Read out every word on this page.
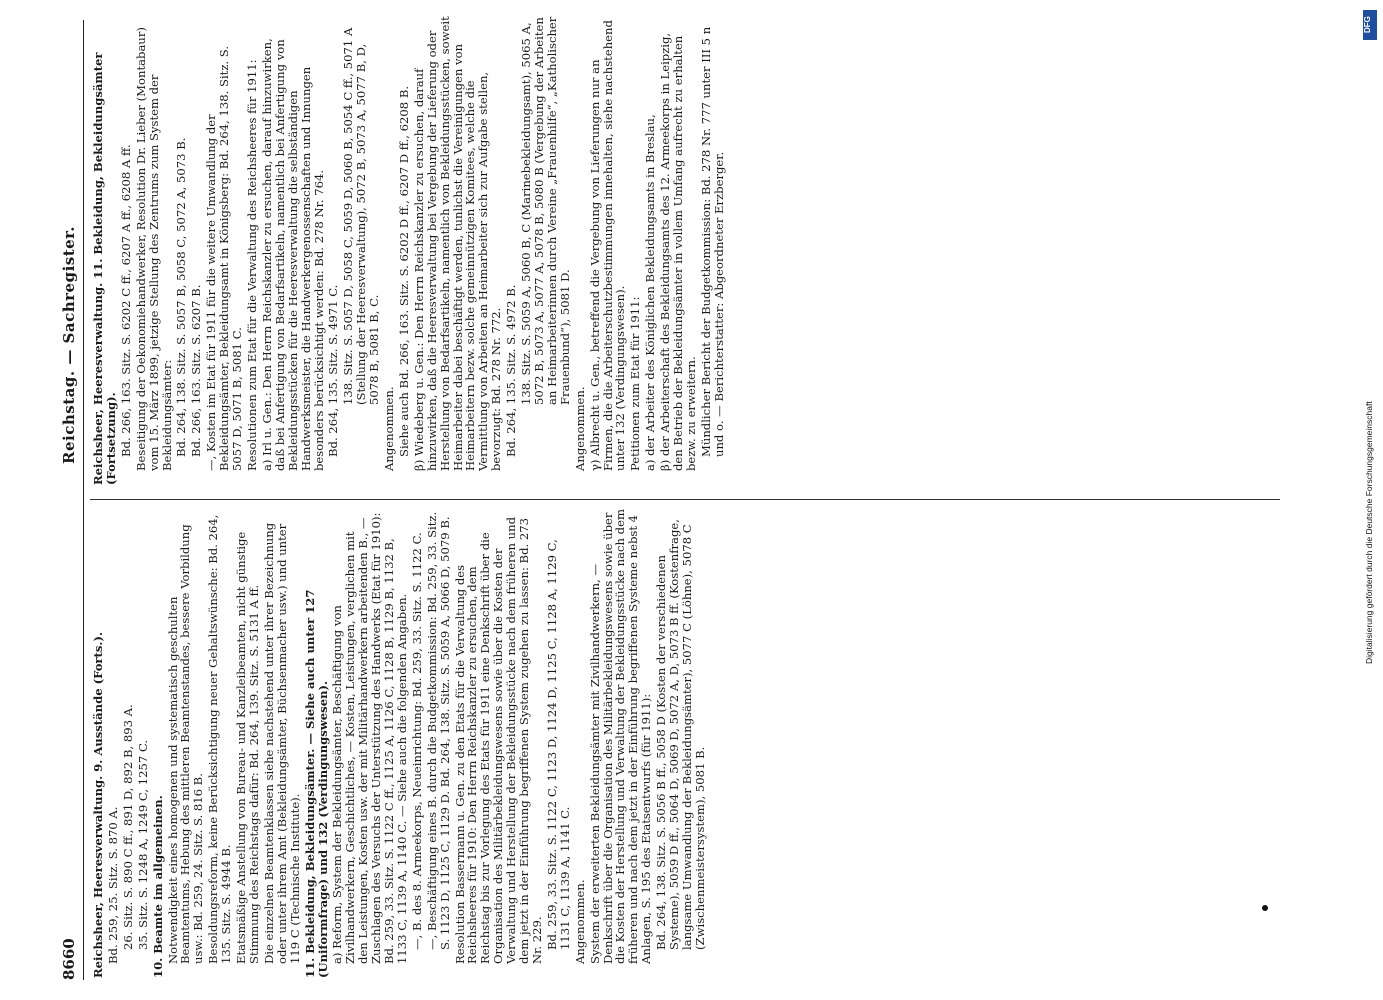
8660
Reichstag. — Sachregister.

Reichsheer, Heeresverwaltung. 9. Ausstände (Forts.). Bd. 259, 25. Sitz. S. 870 A. 26. Sitz. S. 890 C ff., 891 D, 892 B, 893 A. 35. Sitz. S. 1248 A, 1249 C, 1257 C. 10. Beamte im allgemeinen. Notwendigkeit eines homogenen und systematisch geschulten Beamtentums, Hebung des mittleren Beamtenstandes, bessere Vorbildung usw.: Bd. 259, 24. Sitz. S. 816 B. Besoldungsreform, keine Berücksichtigung neuer Gehaltswünsche: Bd. 264, 135. Sitz. S. 4944 B. Etatsmäßige Anstellung von Bureau- und Kanzleibeamten, nicht günstige Stimmung des Reichstags dafür: Bd. 264, 139. Sitz. S. 5131 A ff. Die einzelnen Beamtenklassen siehe nachstehend unter ihrer Bezeichnung oder unter ihrem Amt (Bekleidungsämter, Büchsenmacher usw.) und unter 119 C (Technische Institute). 11. Bekleidung, Bekleidungsämter. — Siehe auch unter 127 (Uniformfrage) und 132 (Verdingungswesen). a) Reform, System der Bekleidungsämter, Beschäftigung von Zivilhandwerkern, Geschichtliches, — Kosten, Leistungen, verglichen mit den Leistungen, Kosten usw. der mit Militärhandwerkern arbeitenden B., — Zuschlagen des Versuchs der Unterstützung des Handwerks (Etat für 1910): Bd. 259, 33. Sitz. S. 1122 C ff., 1125 A, 1126 C, 1128 B, 1129 B, 1132 B, 1133 C, 1139 A, 1140 C. — Siehe auch die folgenden Angaben. —, B. des 8. Armeekorps, Neueinrichtung: Bd. 259, 33. Sitz. S. 1122 C. —, Beschäftigung eines B. durch die Budgetkommission: Bd. 259, 33. Sitz. S. 1123 D, 1125 C, 1129 D. Bd. 264, 138. Sitz. S. 5059 A, 5066 D, 5079 B. Resolution Bassermann u. Gen. zu den Etats für die Verwaltung des Reichsheeres für 1910: Den Herrn Reichskanzler zu ersuchen, dem Reichstag bis zur Vorlegung des Etats für 1911 eine Denkschrift über die Organisation des Militärbekleidungswesens sowie über die Kosten der Verwaltung und Herstellung der Bekleidungsstücke nach dem früheren und dem jetzt in der Einführung begriffenen System zugehen zu lassen: Bd. 273 Nr. 229. Bd. 259, 33. Sitz. S. 1122 C, 1123 D, 1124 D, 1125 C, 1128 A, 1129 C, 1131 C, 1139 A, 1141 C. Angenommen. System der erweiterten Bekleidungsämter mit Zivilhandwerkern, — Denkschrift über die Organisation des Militärbekleidungswesens sowie über die Kosten der Herstellung und Verwaltung der Bekleidungsstücke nach dem früheren und nach dem jetzt in der Einführung begriffenen Systeme nebst 4 Anlagen, S. 195 des Etatsentwurfs (für 1911): Bd. 264, 138. Sitz. S. 5056 B ff., 5058 D (Kosten der verschiedenen Systeme), 5059 D ff., 5064 D, 5069 D, 5072 A, D, 5073 B ff. (Kostenfrage, langsame Umwandlung der Bekleidungsämter), 5077 C (Löhne), 5078 C (Zwischenmeistersystem), 5081 B.

Reichsheer, Heeresverwaltung. 11. Bekleidung, Bekleidungsämter (Fortsetzung). Bd. 266, 163. Sitz. S. 6202 C ff., 6207 A ff., 6208 A ff. Beseitigung der Oekonomiehandwerker, Resolution Dr. Lieber (Montabaur) vom 15. März 1899, jetzige Stellung des Zentrums zum System der Bekleidungsämter: Bd. 264, 138. Sitz. S. 5057 B, 5058 C, 5072 A, 5073 B. Bd. 266, 163. Sitz. S. 6207 B. —, Kosten im Etat für 1911 für die weitere Umwandlung der Bekleidungsämter, Bekleidungsamt in Königsberg: Bd. 264, 138. Sitz. S. 5057 D, 5071 B, 5081 C. Resolutionen zum Etat für die Verwaltung des Reichsheeres für 1911: a) Irl u. Gen.: Den Herrn Reichskanzler zu ersuchen, darauf hinzuwirken, daß bei Anfertigung von Bedarfsartikeln, namentlich bei Anfertigung von Bekleidungsstücken für die Heeresverwaltung die selbständigen Handwerksmeister, die Handwerkergenossenschaften und Innungen besonders berücksichtigt werden: Bd. 278 Nr. 764. Bd. 264, 135. Sitz. S. 4971 C. 138. Sitz. S. 5057 D, 5058 C, 5059 D, 5060 B, 5054 C ff., 5071 A (Stellung der Heeresverwaltung), 5072 B, 5073 A, 5077 B, D, 5078 B, 5081 B, C.

Angenommen. Siehe auch Bd. 266, 163. Sitz. S. 6202 D ff., 6207 D ff., 6208 B. β) Wiedeberg u. Gen.: Den Herrn Reichskanzler zu ersuchen, darauf hinzuwirken, daß die Heeresverwaltung bei Vergebung der Lieferung oder Herstellung von Bedarfsartikeln, namentlich von Bekleidungsstücken, soweit Heimarbeiter dabei beschäftigt werden, tunlichst die Vereinigungen von Heimarbeitern bezw. solche gemeinnützigen Komitees, welche die Vermittlung von Arbeiten an Heimarbeiter sich zur Aufgabe stellen, bevorzugt: Bd. 278 Nr. 772. Bd. 264, 135. Sitz. S. 4972 B. 138. Sitz. S. 5059 A, 5060 B, C (Marinebekleidungsamt), 5065 A, 5072 B, 5073 A, 5077 A, 5078 B, 5080 B (Vergebung der Arbeiten an Heimarbeiterinnen durch Vereine „Frauenhilfe“, „Katholischer Frauenbund“), 5081 D.

Angenommen. γ) Albrecht u. Gen., betreffend die Vergebung von Lieferungen nur an Firmen, die die Arbeiterschutzbestimmungen innehalten, siehe nachstehend unter 132 (Verdingungswesen). Petitionen zum Etat für 1911: a) der Arbeiter des Königlichen Bekleidungsamts in Breslau, β) der Arbeiterschaft des Bekleidungsamts des 12. Armeekorps in Leipzig, den Betrieb der Bekleidungsämter in vollem Umfang aufrecht zu erhalten bezw. zu erweitern. Mündlicher Bericht der Budgetkommission: Bd. 278 Nr. 777 unter III 5 n und o. — Berichterstatter: Abgeordneter Erzberger.

DFG
Digitalisierung gefördert durch die Deutsche Forschungsgemeinschaft
